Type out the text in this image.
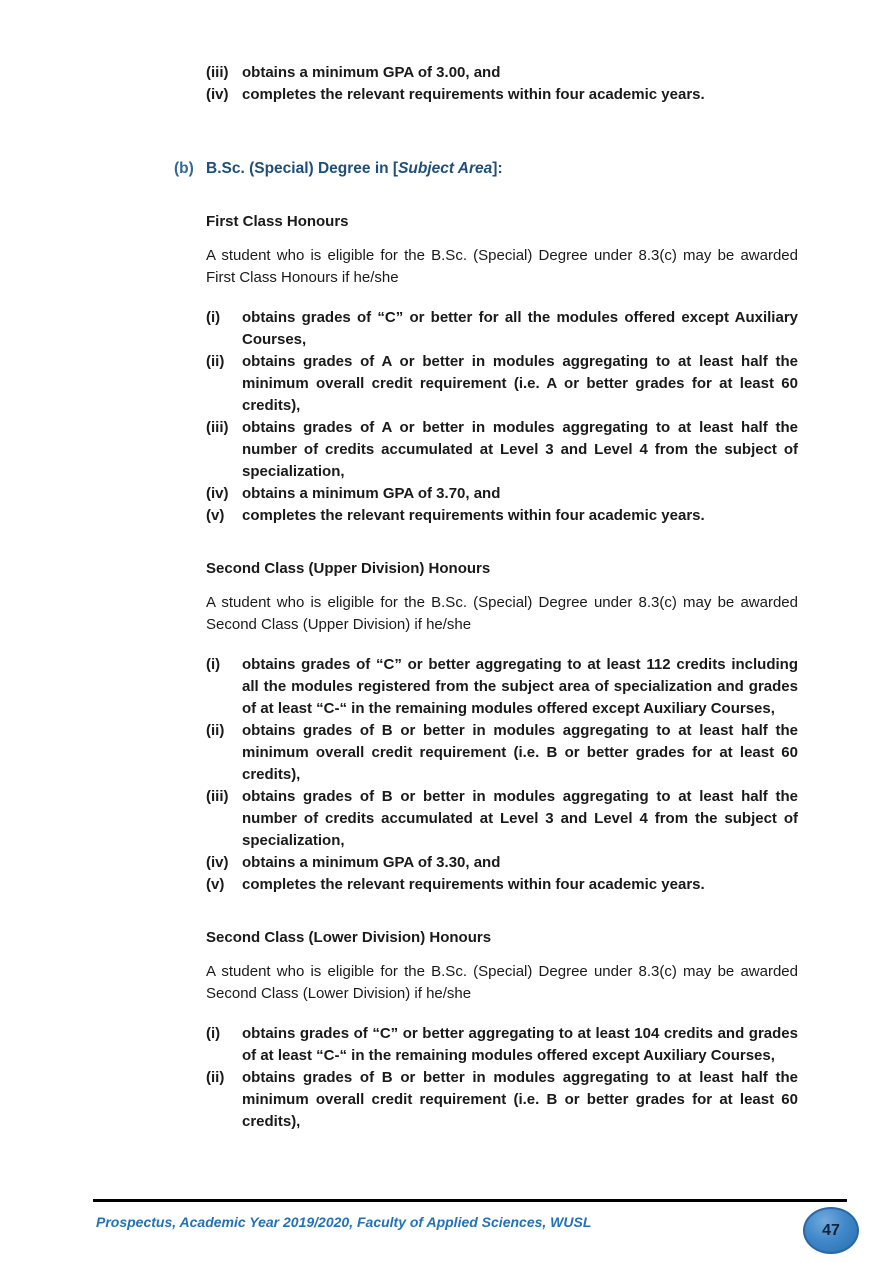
(iii) obtains a minimum GPA of 3.00, and
(iv) completes the relevant requirements within four academic years.
(b) B.Sc. (Special) Degree in [Subject Area]:
First Class Honours
A student who is eligible for the B.Sc. (Special) Degree under 8.3(c) may be awarded First Class Honours if he/she
(i) obtains grades of “C” or better for all the modules offered except Auxiliary Courses,
(ii) obtains grades of A or better in modules aggregating to at least half the minimum overall credit requirement (i.e. A or better grades for at least 60 credits),
(iii) obtains grades of A or better in modules aggregating to at least half the number of credits accumulated at Level 3 and Level 4 from the subject of specialization,
(iv) obtains a minimum GPA of 3.70, and
(v) completes the relevant requirements within four academic years.
Second Class (Upper Division) Honours
A student who is eligible for the B.Sc. (Special) Degree under 8.3(c) may be awarded Second Class (Upper Division) if he/she
(i) obtains grades of “C” or better aggregating to at least 112 credits including all the modules registered from the subject area of specialization and grades of at least “C-“ in the remaining modules offered except Auxiliary Courses,
(ii) obtains grades of B or better in modules aggregating to at least half the minimum overall credit requirement (i.e. B or better grades for at least 60 credits),
(iii) obtains grades of B or better in modules aggregating to at least half the number of credits accumulated at Level 3 and Level 4 from the subject of specialization,
(iv) obtains a minimum GPA of 3.30, and
(v) completes the relevant requirements within four academic years.
Second Class (Lower Division) Honours
A student who is eligible for the B.Sc. (Special) Degree under 8.3(c) may be awarded Second Class (Lower Division) if he/she
(i) obtains grades of “C” or better aggregating to at least 104 credits and grades of at least “C-“ in the remaining modules offered except Auxiliary Courses,
(ii) obtains grades of B or better in modules aggregating to at least half the minimum overall credit requirement (i.e. B or better grades for at least 60 credits),
Prospectus, Academic Year 2019/2020, Faculty of Applied Sciences, WUSL	47
